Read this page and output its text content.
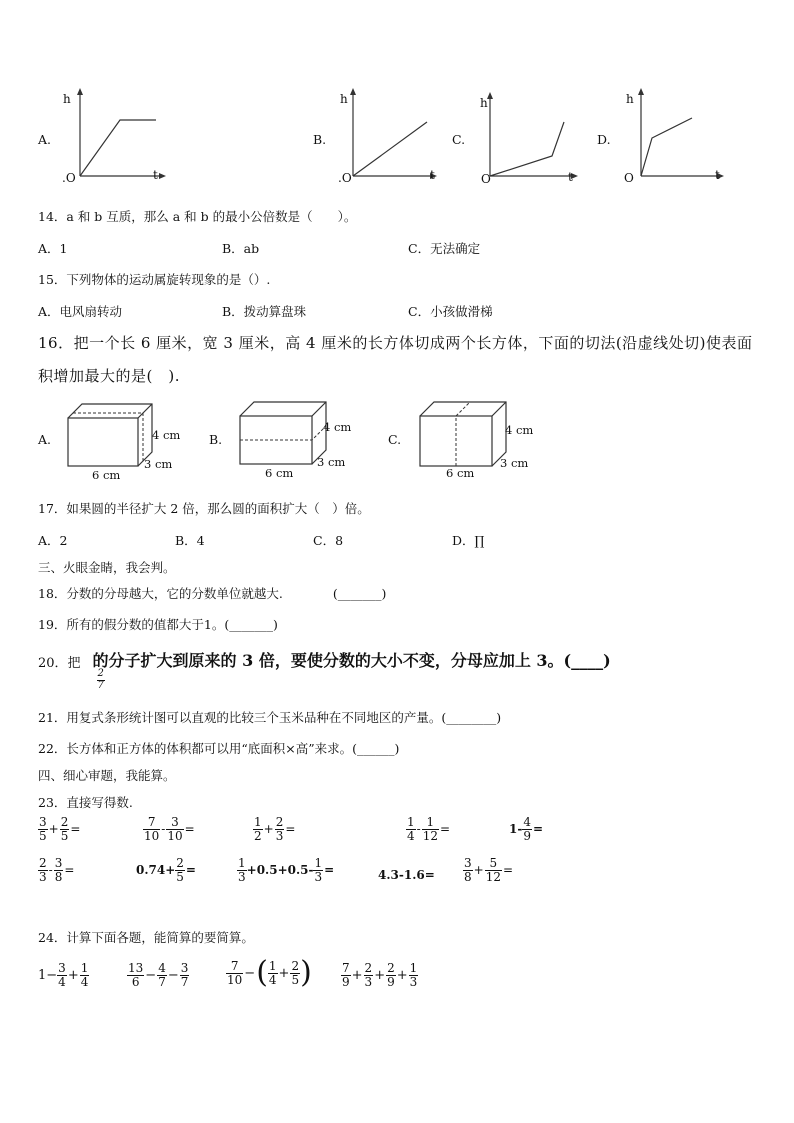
A.
h
.O	t
B.
h
.O	t
C.
h
O	t
D.
h
O	t
14．a 和 b 互质，那么 a 和 b 的最小公倍数是（　　）。
A．1	B．ab	C．无法确定
15．下列物体的运动属旋转现象的是（）.
A．电风扇转动	B．拨动算盘珠	C．小孩做滑梯
16．把一个长 6 厘米，宽 3 厘米，高 4 厘米的长方体切成两个长方体，下面的切法(沿虚线处切)使表面
积增加最大的是(　).
A.	4 cm
3 cm
6 cm
B.
4 cm
3 cm
6 cm
C.
4 cm
3 cm
6 cm
17．如果圆的半径扩大 2 倍，那么圆的面积扩大（　）倍。
A．2	B．4	C．8	D．∏
三、火眼金睛，我会判。
18．分数的分母越大，它的分数单位就越大.　　　　(_______)
19．所有的假分数的值都大于1。(_______)
20．把
$\frac{2}{7}$
的分子扩大到原来的 3 倍，要使分数的大小不变，分母应加上 3。(____)
21．用复式条形统计图可以直观的比较三个玉米品种在不同地区的产量。(________)
22．长方体和正方体的体积都可以用“底面积×高”来求。(______)
四、细心审题，我能算。
23．直接写得数.
$\frac{3}{5} + \frac{2}{5}$ =	$\frac{7}{10} - \frac{3}{10}$ =	$\frac{1}{2} + \frac{2}{3}$ =	$\frac{1}{4} - \frac{1}{12}$ =	$1- \frac{4}{9}$ =
$\frac{2}{3} - \frac{3}{8}$ =	$0.74+ \frac{2}{5}$ =	$\frac{1}{3} +0.5+0.5- \frac{1}{3}$ =	$4.3-1.6= \frac{3}{8} + \frac{5}{12}$ =
24．计算下面各题，能简算的要简算。
$1- \frac{3}{4} + \frac{1}{4}$	$\frac{13}{6} - \frac{4}{7} - \frac{3}{7}$	$\frac{7}{10}$ − ( $\frac{1}{4} + \frac{2}{5}$ ) $\frac{7}{9} + \frac{2}{3} + \frac{2}{9} + \frac{1}{3}$
